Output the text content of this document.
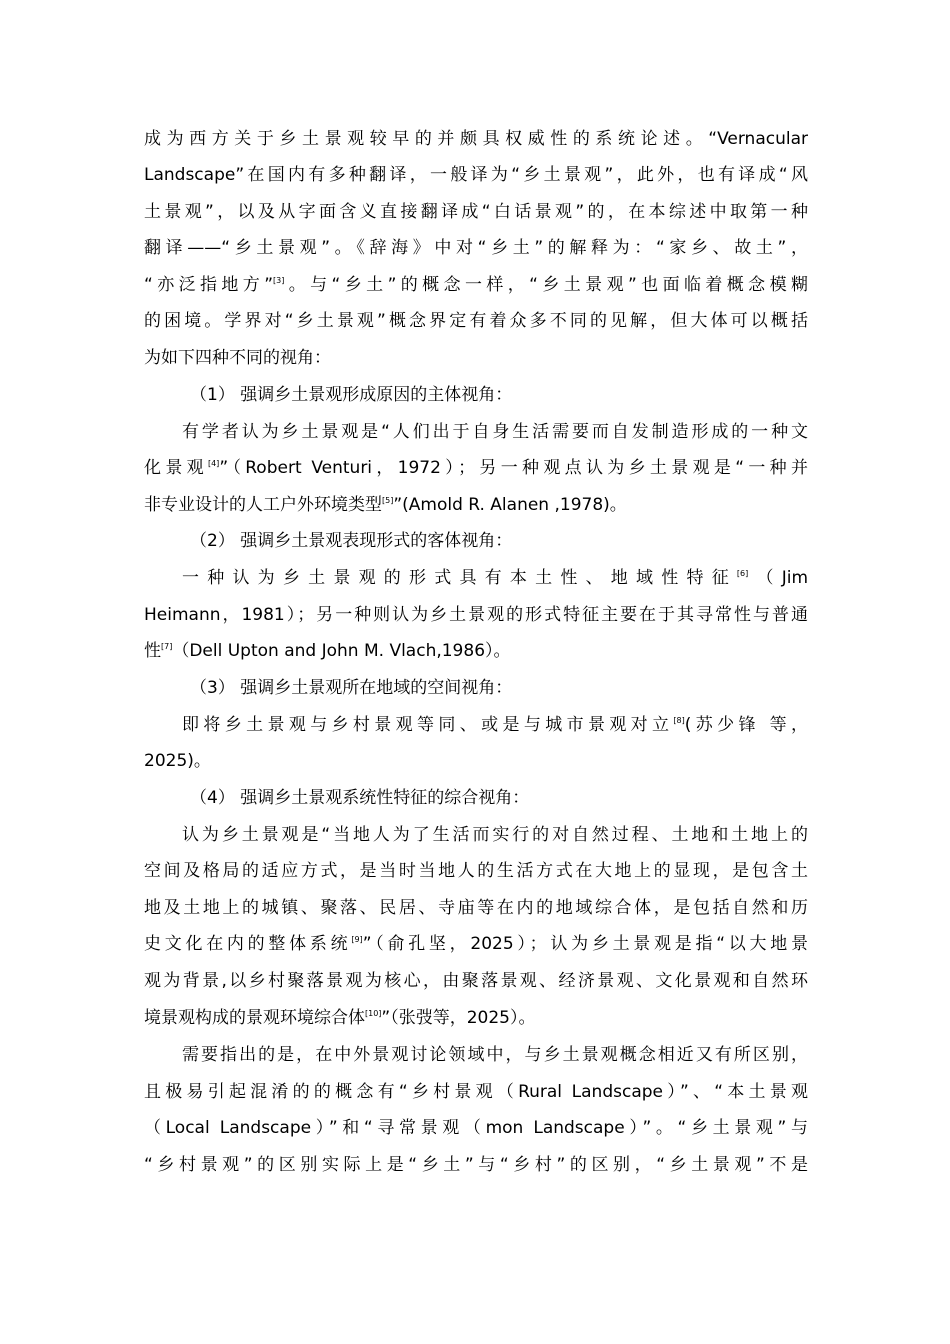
成为西方关于乡土景观较早的并颇具权威性的系统论述。“Vernacular
Landscape”在国内有多种翻译，一般译为“乡土景观”，此外，也有译成“风
土景观”，以及从字面含义直接翻译成“白话景观”的，在本综述中取第一种
翻译——“乡土景观”。《辞海》中对“乡土”的解释为：“家乡、故土”，
“亦泛指地方”[3]。与“乡土”的概念一样，“乡土景观”也面临着概念模糊
的困境。学界对“乡土景观”概念界定有着众多不同的见解，但大体可以概括
为如下四种不同的视角：
（1） 强调乡土景观形成原因的主体视角：
有学者认为乡土景观是“人们出于自身生活需要而自发制造形成的一种文
化景观[4]”（Robert Venturi，1972）；另一种观点认为乡土景观是“一种并
非专业设计的人工户外环境类型[5]”(Amold R. Alanen ,1978)。
（2） 强调乡土景观表现形式的客体视角：
一种认为乡土景观的形式具有本土性、地域性特征[6]（Jim
Heimann，1981）；另一种则认为乡土景观的形式特征主要在于其寻常性与普通
性[7]（Dell Upton and John M. Vlach,1986）。
（3） 强调乡土景观所在地域的空间视角：
即将乡土景观与乡村景观等同、或是与城市景观对立[8](苏少锋 等，
2025)。
（4） 强调乡土景观系统性特征的综合视角：
认为乡土景观是“当地人为了生活而实行的对自然过程、土地和土地上的
空间及格局的适应方式，是当时当地人的生活方式在大地上的显现，是包含土
地及土地上的城镇、聚落、民居、寺庙等在内的地域综合体，是包括自然和历
史文化在内的整体系统[9]”（俞孔坚，2025）；认为乡土景观是指“以大地景
观为背景,以乡村聚落景观为核心，由聚落景观、经济景观、文化景观和自然环
境景观构成的景观环境综合体[10]”（张弢等，2025）。
需要指出的是，在中外景观讨论领域中，与乡土景观概念相近又有所区别，
且极易引起混淆的的概念有“乡村景观（Rural Landscape）”、“本土景观
（Local Landscape）”和“寻常景观（mon Landscape）”。“乡土景观”与
“乡村景观”的区别实际上是“乡土”与“乡村”的区别，“乡土景观”不是
